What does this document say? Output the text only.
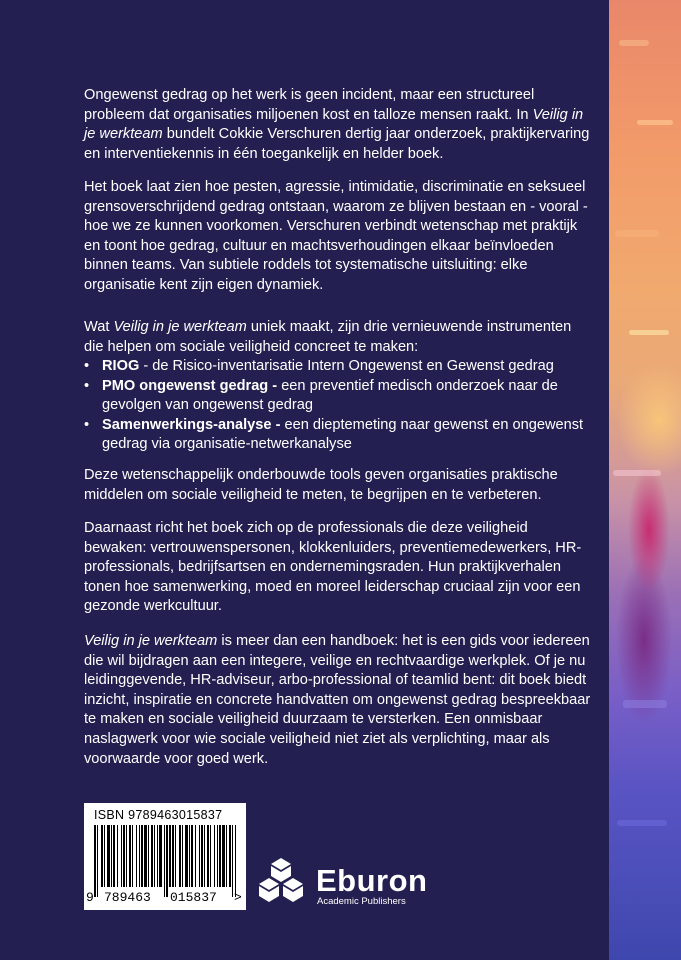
Ongewenst gedrag op het werk is geen incident, maar een structureel probleem dat organisaties miljoenen kost en talloze mensen raakt. In Veilig in je werkteam bundelt Cokkie Verschuren dertig jaar onderzoek, praktijkervaring en interventiekennis in één toegankelijk en helder boek.

Het boek laat zien hoe pesten, agressie, intimidatie, discriminatie en seksueel grensoverschrijdend gedrag ontstaan, waarom ze blijven bestaan en - vooral - hoe we ze kunnen voorkomen. Verschuren verbindt wetenschap met praktijk en toont hoe gedrag, cultuur en machtsverhoudingen elkaar beïnvloeden binnen teams. Van subtiele roddels tot systematische uitsluiting: elke organisatie kent zijn eigen dynamiek.

Wat Veilig in je werkteam uniek maakt, zijn drie vernieuwende instrumenten die helpen om sociale veiligheid concreet te maken:

• RIOG - de Risico-inventarisatie Intern Ongewenst en Gewenst gedrag
• PMO ongewenst gedrag - een preventief medisch onderzoek naar de gevolgen van ongewenst gedrag
• Samenwerkings-analyse - een dieptemeting naar gewenst en ongewenst gedrag via organisatie-netwerkanalyse

Deze wetenschappelijk onderbouwde tools geven organisaties praktische middelen om sociale veiligheid te meten, te begrijpen en te verbeteren.

Daarnaast richt het boek zich op de professionals die deze veiligheid bewaken: vertrouwenspersonen, klokkenluiders, preventiemedewerkers, HR-professionals, bedrijfsartsen en ondernemingsraden. Hun praktijkverhalen tonen hoe samenwerking, moed en moreel leiderschap cruciaal zijn voor een gezonde werkcultuur.

Veilig in je werkteam is meer dan een handboek: het is een gids voor iedereen die wil bijdragen aan een integere, veilige en rechtvaardige werkplek. Of je nu leidinggevende, HR-adviseur, arbo-professional of teamlid bent: dit boek biedt inzicht, inspiratie en concrete handvatten om ongewenst gedrag bespreekbaar te maken en sociale veiligheid duurzaam te versterken. Een onmisbaar naslagwerk voor wie sociale veiligheid niet ziet als verplichting, maar als voorwaarde voor goed werk.

ISBN 9789463015837
9 789463 015837 > Eburon
Academic Publishers
